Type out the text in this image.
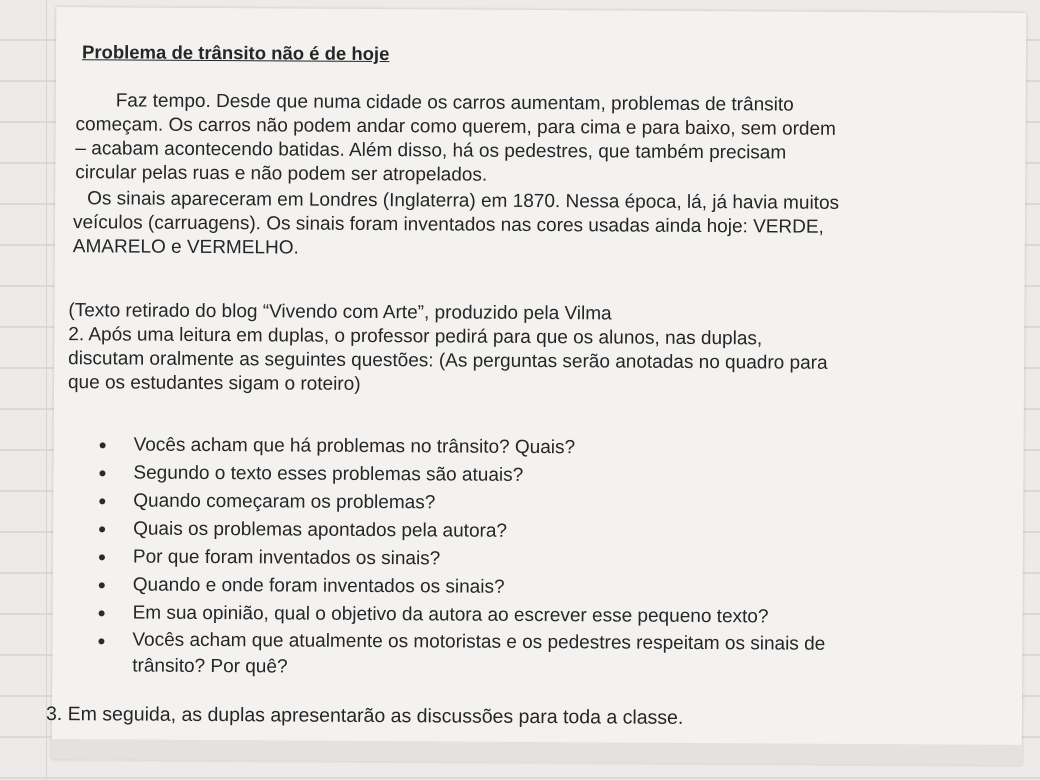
Problema de trânsito não é de hoje
Faz tempo. Desde que numa cidade os carros aumentam, problemas de trânsito
começam. Os carros não podem andar como querem, para cima e para baixo, sem ordem
– acabam acontecendo batidas. Além disso, há os pedestres, que também precisam
circular pelas ruas e não podem ser atropelados.
Os sinais apareceram em Londres (Inglaterra) em 1870. Nessa época, lá, já havia muitos
veículos (carruagens). Os sinais foram inventados nas cores usadas ainda hoje: VERDE,
AMARELO e VERMELHO.
(Texto retirado do blog “Vivendo com Arte”, produzido pela Vilma
2. Após uma leitura em duplas, o professor pedirá para que os alunos, nas duplas,
discutam oralmente as seguintes questões: (As perguntas serão anotadas no quadro para
que os estudantes sigam o roteiro)
Vocês acham que há problemas no trânsito? Quais?
Segundo o texto esses problemas são atuais?
Quando começaram os problemas?
Quais os problemas apontados pela autora?
Por que foram inventados os sinais?
Quando e onde foram inventados os sinais?
Em sua opinião, qual o objetivo da autora ao escrever esse pequeno texto?
Vocês acham que atualmente os motoristas e os pedestres respeitam os sinais de
trânsito? Por quê?
3. Em seguida, as duplas apresentarão as discussões para toda a classe.
